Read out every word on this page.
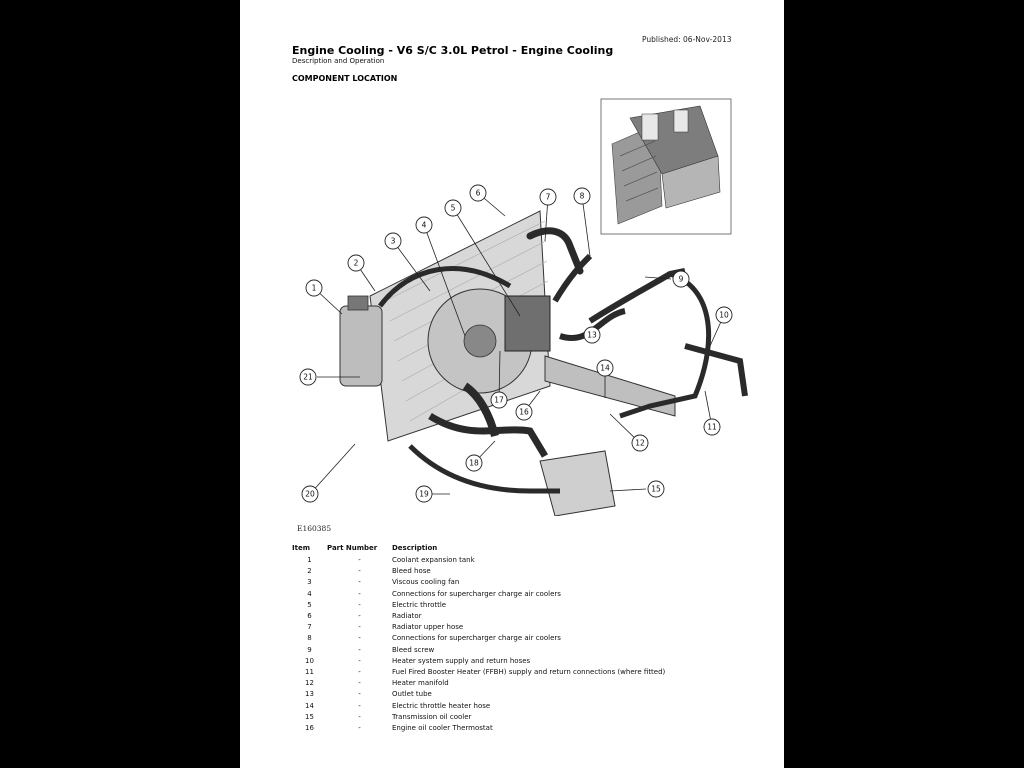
Published: 06-Nov-2013
Engine Cooling - V6 S/C 3.0L Petrol - Engine Cooling
Description and Operation
COMPONENT LOCATION
1
2
3
4
5
6	7	8
9
10
11
12
13
14
15
16
17
18
19
20
21
E160385
Item	Part Number	Description
1	-	Coolant expansion tank
2	-	Bleed hose
3	-	Viscous cooling fan
4	-	Connections for supercharger charge air coolers
5	-	Electric throttle
6	-	Radiator
7	-	Radiator upper hose
8	-	Connections for supercharger charge air coolers
9	-	Bleed screw
10	-	Heater system supply and return hoses
11	-	Fuel Fired Booster Heater (FFBH) supply and return connections (where fitted)
12	-	Heater manifold
13	-	Outlet tube
14	-	Electric throttle heater hose
15	-	Transmission oil cooler
16	-	Engine oil cooler Thermostat
